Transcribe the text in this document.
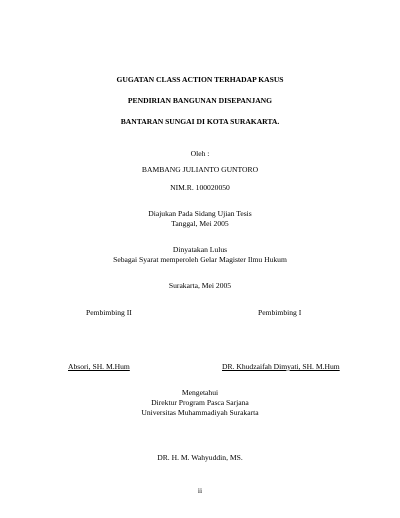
GUGATAN CLASS ACTION TERHADAP KASUS
PENDIRIAN BANGUNAN DISEPANJANG
BANTARAN SUNGAI DI KOTA SURAKARTA.
Oleh :
BAMBANG JULIANTO GUNTORO
NIM.R. 100020050
Diajukan Pada Sidang Ujian Tesis
Tanggal, Mei 2005
Dinyatakan Lulus
Sebagai Syarat memperoleh Gelar Magister Ilmu Hukum
Surakarta, Mei 2005
Pembimbing II	Pembimbing I
Absori, SH. M.Hum	DR. Khudzaifah Dimyati, SH. M.Hum
Mengetahui
Direktur Program Pasca Sarjana
Universitas Muhammadiyah Surakarta
DR. H. M. Wahyuddin, MS.
ii
